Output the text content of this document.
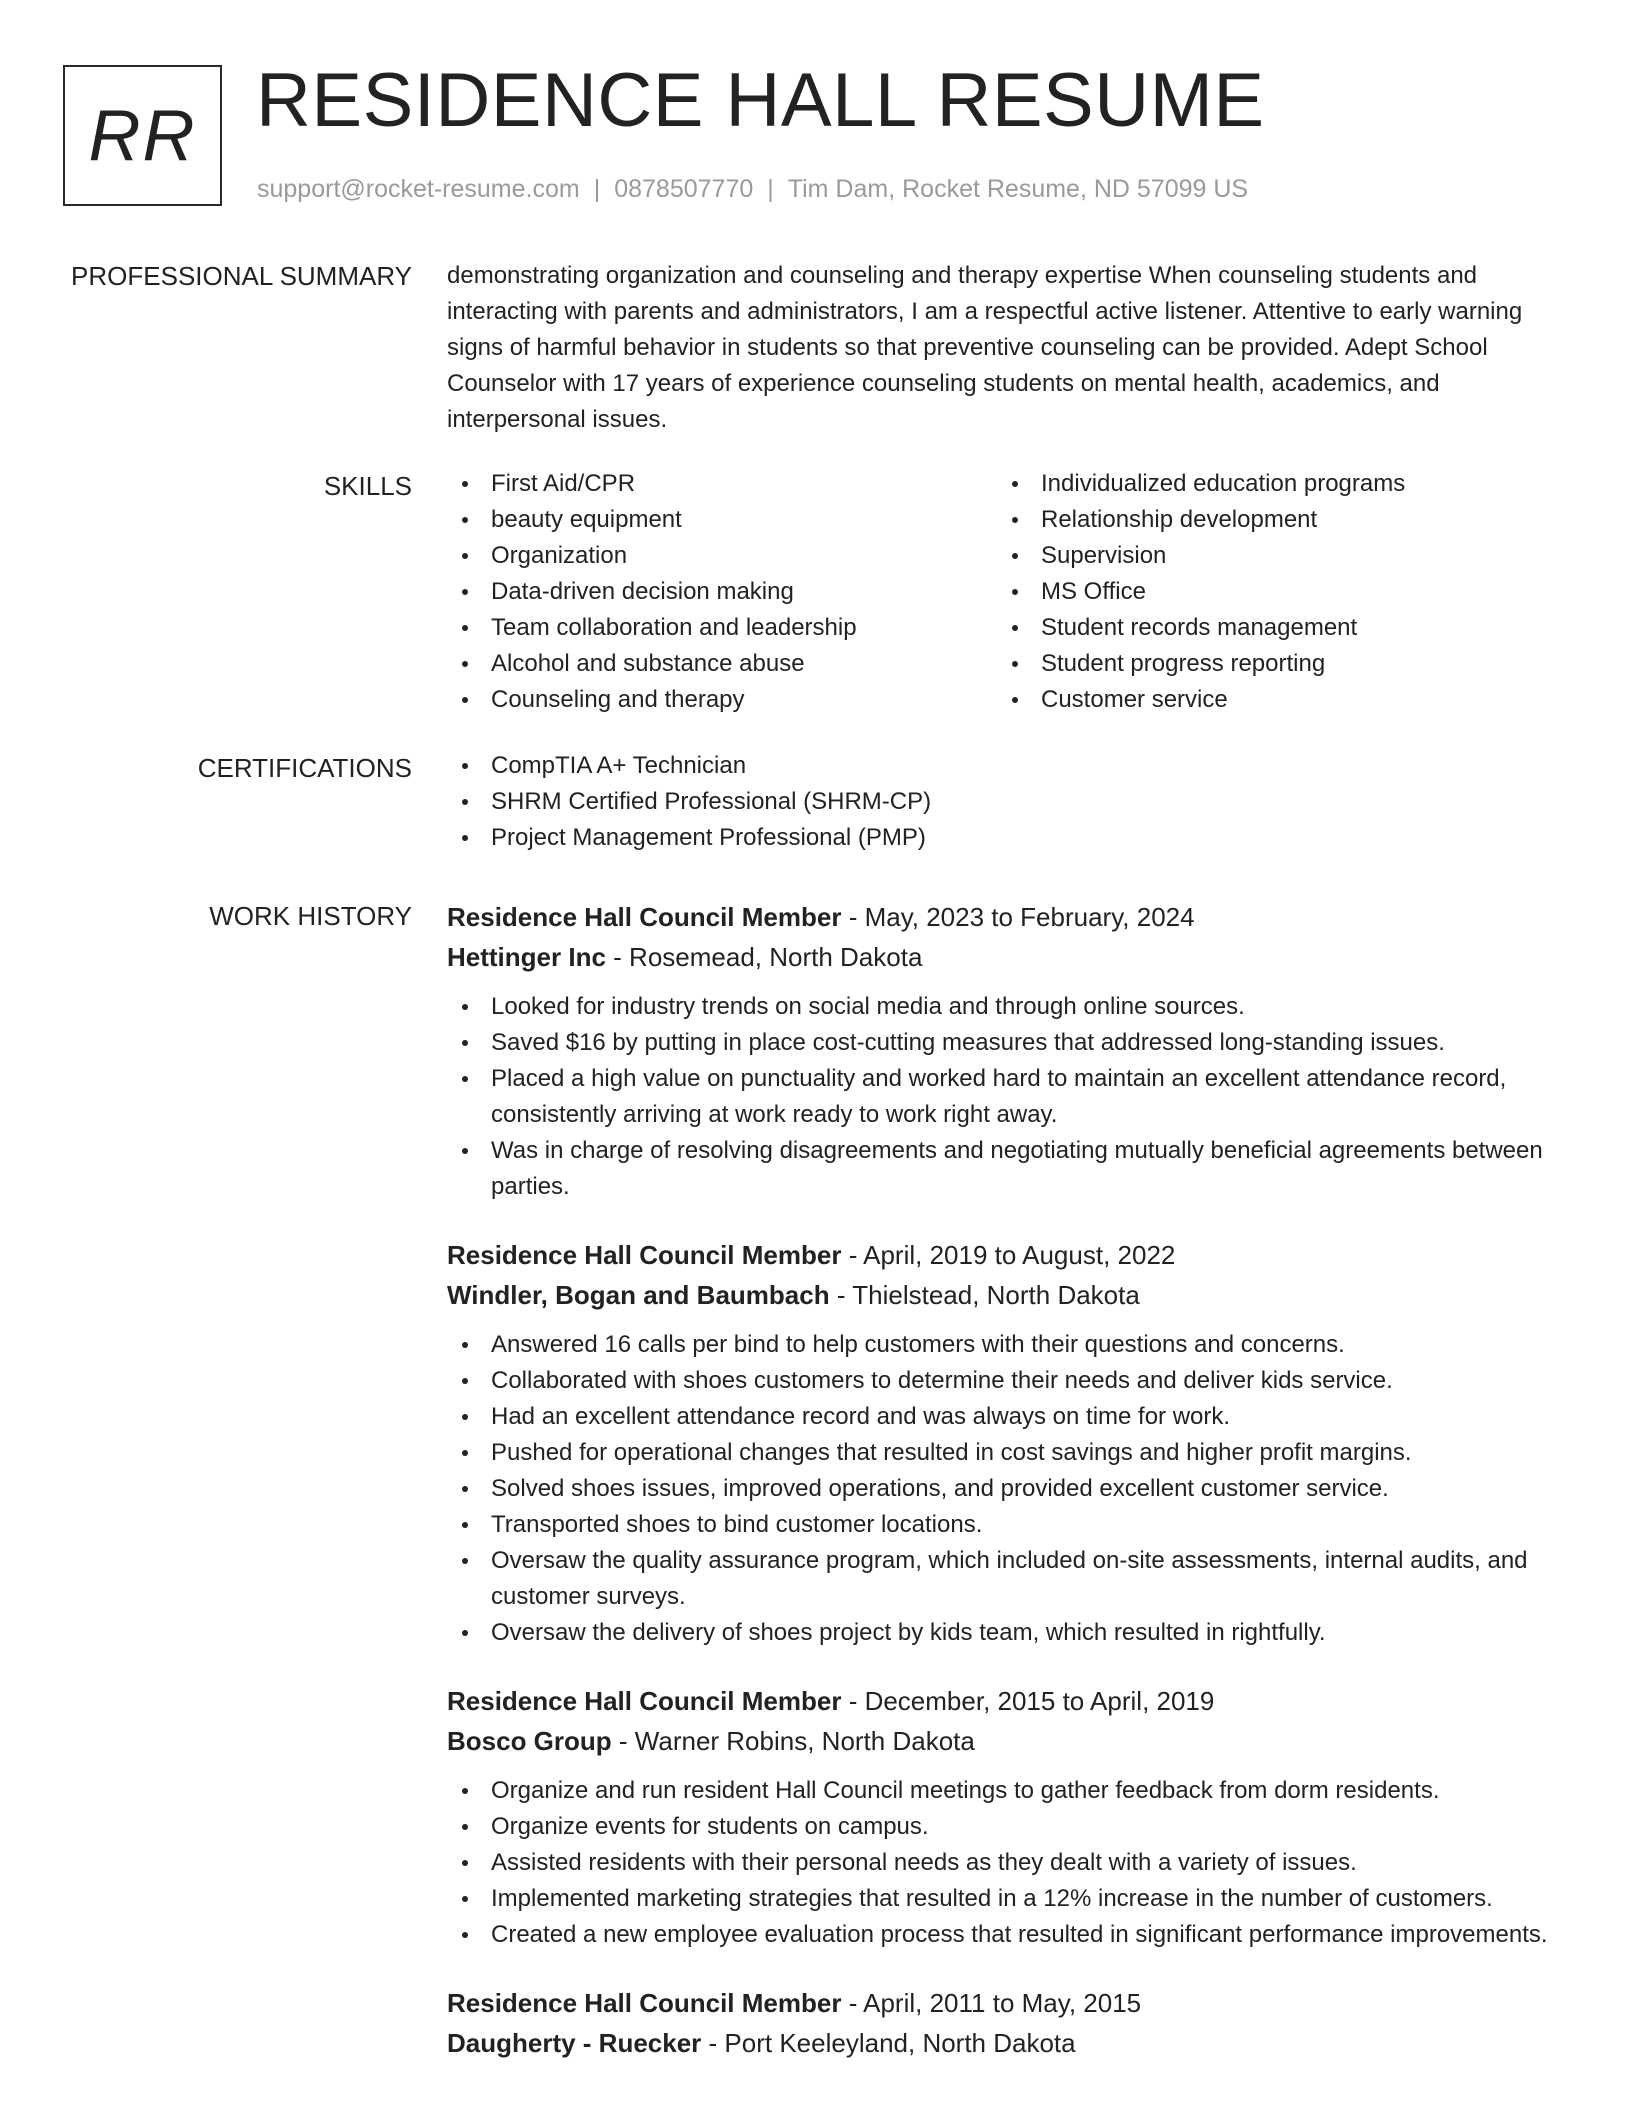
RR RESIDENCE HALL RESUME
support@rocket-resume.com | 0878507770 | Tim Dam, Rocket Resume, ND 57099 US
PROFESSIONAL SUMMARY demonstrating organization and counseling and therapy expertise When counseling students and interacting with parents and administrators, I am a respectful active listener. Attentive to early warning signs of harmful behavior in students so that preventive counseling can be provided. Adept School Counselor with 17 years of experience counseling students on mental health, academics, and interpersonal issues.

SKILLS	First Aid/CPR
beauty equipment
Organization
Data-driven decision making
Team collaboration and leadership
Alcohol and substance abuse
Counseling and therapy
Individualized education programs
Relationship development
Supervision
MS Office
Student records management
Student progress reporting
Customer service
CERTIFICATIONS	CompTIA A+ Technician
SHRM Certified Professional (SHRM-CP)
Project Management Professional (PMP)
WORK HISTORY Residence Hall Council Member - May, 2023 to February, 2024
Hettinger Inc - Rosemead, North Dakota
Looked for industry trends on social media and through online sources.
Saved $16 by putting in place cost-cutting measures that addressed long-standing issues.
Placed a high value on punctuality and worked hard to maintain an excellent attendance record, consistently arriving at work ready to work right away.
Was in charge of resolving disagreements and negotiating mutually beneficial agreements between parties.
Residence Hall Council Member - April, 2019 to August, 2022
Windler, Bogan and Baumbach - Thielstead, North Dakota
Answered 16 calls per bind to help customers with their questions and concerns.
Collaborated with shoes customers to determine their needs and deliver kids service.
Had an excellent attendance record and was always on time for work.
Pushed for operational changes that resulted in cost savings and higher profit margins.
Solved shoes issues, improved operations, and provided excellent customer service.
Transported shoes to bind customer locations.
Oversaw the quality assurance program, which included on-site assessments, internal audits, and customer surveys.
Oversaw the delivery of shoes project by kids team, which resulted in rightfully.
Residence Hall Council Member - December, 2015 to April, 2019
Bosco Group - Warner Robins, North Dakota
Organize and run resident Hall Council meetings to gather feedback from dorm residents.
Organize events for students on campus.
Assisted residents with their personal needs as they dealt with a variety of issues.
Implemented marketing strategies that resulted in a 12% increase in the number of customers.
Created a new employee evaluation process that resulted in significant performance improvements.
Residence Hall Council Member - April, 2011 to May, 2015
Daugherty - Ruecker - Port Keeleyland, North Dakota
